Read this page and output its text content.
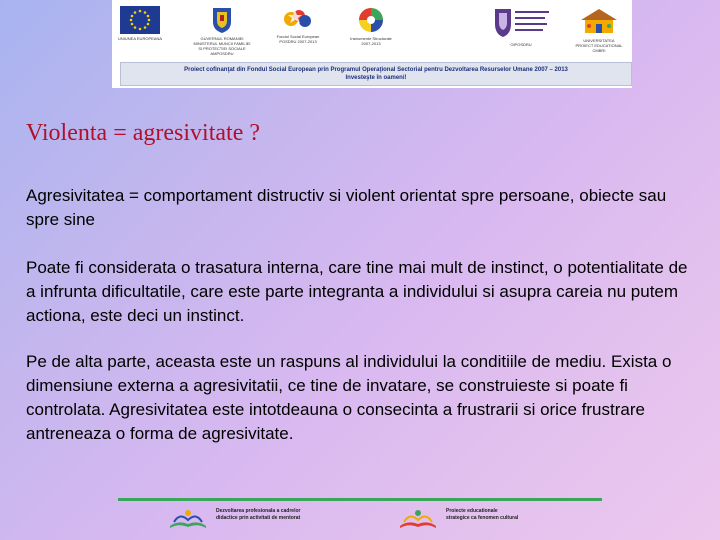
UNIUNEA EUROPEANA	GUVERNUL ROMANIEI
MINISTERUL MUNCII FAMILIEI
SI PROTECTIEI SOCIALE
AMPOSDRU
Fondul Social European
POSDRU 2007-2013
Instrumente Structurale
2007-2013	OIPOSDRU
UNIVERSITATEA
PROIECT EDUCATIONAL
CMBRI
Proiect cofinanţat din Fondul Social European prin Programul Operaţional Sectorial pentru Dezvoltarea Resurselor Umane 2007 – 2013
Investeşte în oameni!
Violenta = agresivitate ?

Agresivitatea = comportament distructiv si violent orientat spre persoane, obiecte sau spre sine

Poate fi considerata o trasatura interna, care tine mai mult de instinct, o potentialitate de a infrunta dificultatile, care este parte integranta a individului si asupra careia nu putem actiona, este deci un instinct.

Pe de alta parte, aceasta este un raspuns al individului la conditiile de mediu. Exista o dimensiune externa a agresivitatii, ce tine de invatare, se construieste si poate fi controlata. Agresivitatea este intotdeauna o consecinta a frustrarii si orice frustrare antreneaza o forma de agresivitate.

Dezvoltarea profesionala a cadrelor
didactice prin activitati de mentorat
Proiecte educationale
strategice ca fenomen cultural
